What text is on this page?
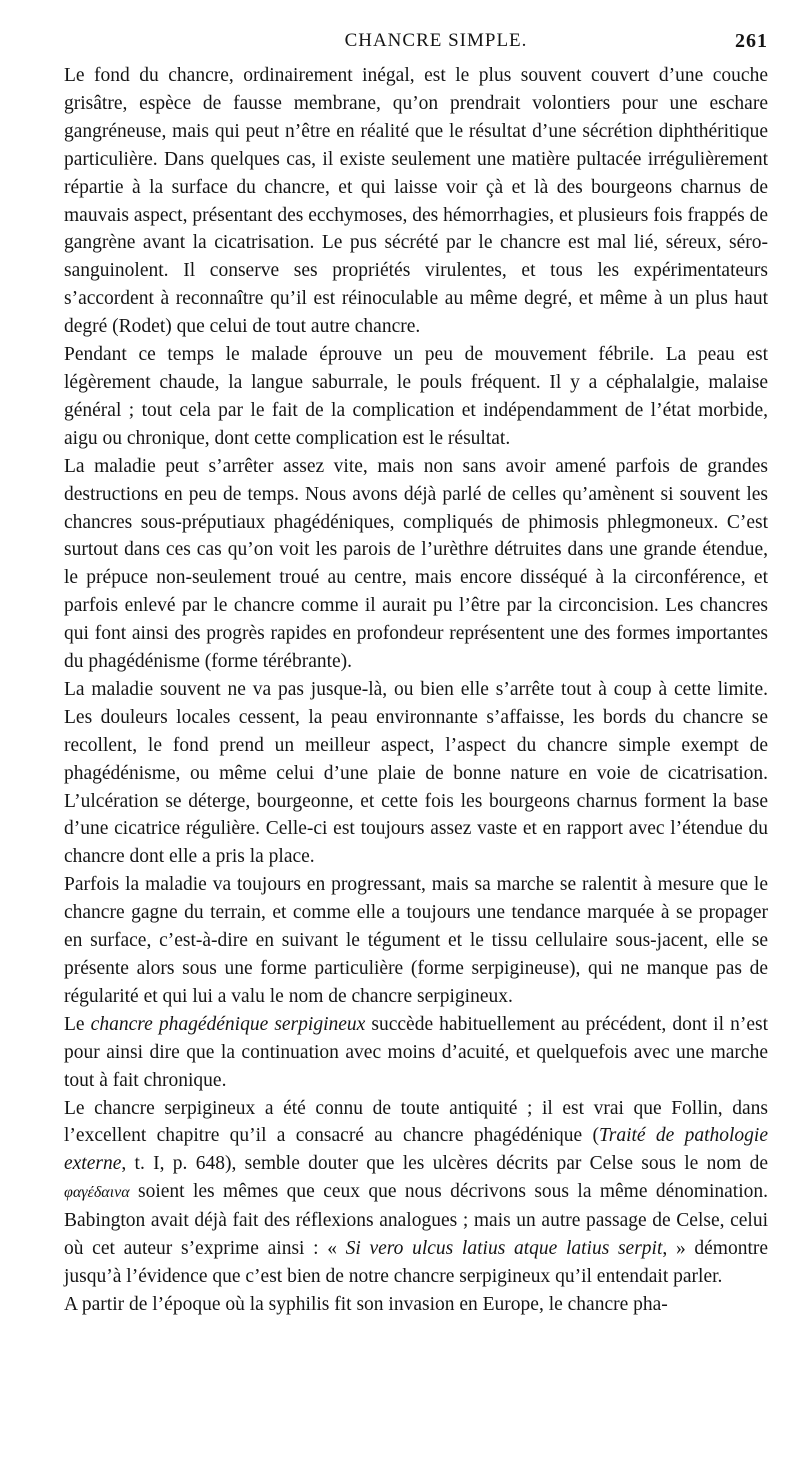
CHANCRE SIMPLE.	261

Le fond du chancre, ordinairement inégal, est le plus souvent couvert d’une couche grisâtre, espèce de fausse membrane, qu’on prendrait volontiers pour une eschare gangréneuse, mais qui peut n’être en réalité que le résultat d’une sécrétion diphthéritique particulière. Dans quelques cas, il existe seulement une matière pultacée irrégulièrement répartie à la surface du chancre, et qui laisse voir çà et là des bourgeons charnus de mauvais aspect, présentant des ecchymoses, des hémorrhagies, et plusieurs fois frappés de gangrène avant la cicatrisation. Le pus sécrété par le chancre est mal lié, séreux, séro-sanguinolent. Il conserve ses propriétés virulentes, et tous les expérimentateurs s’accordent à reconnaître qu’il est réinoculable au même degré, et même à un plus haut degré (Rodet) que celui de tout autre chancre.

Pendant ce temps le malade éprouve un peu de mouvement fébrile. La peau est légèrement chaude, la langue saburrale, le pouls fréquent. Il y a céphalalgie, malaise général ; tout cela par le fait de la complication et indépendamment de l’état morbide, aigu ou chronique, dont cette complication est le résultat.

La maladie peut s’arrêter assez vite, mais non sans avoir amené parfois de grandes destructions en peu de temps. Nous avons déjà parlé de celles qu’amènent si souvent les chancres sous-préputiaux phagédéniques, compliqués de phimosis phlegmoneux. C’est surtout dans ces cas qu’on voit les parois de l’urèthre détruites dans une grande étendue, le prépuce non-seulement troué au centre, mais encore disséqué à la circonférence, et parfois enlevé par le chancre comme il aurait pu l’être par la circoncision. Les chancres qui font ainsi des progrès rapides en profondeur représentent une des formes importantes du phagédénisme (forme térébrante).

La maladie souvent ne va pas jusque-là, ou bien elle s’arrête tout à coup à cette limite. Les douleurs locales cessent, la peau environnante s’affaisse, les bords du chancre se recollent, le fond prend un meilleur aspect, l’aspect du chancre simple exempt de phagédénisme, ou même celui d’une plaie de bonne nature en voie de cicatrisation. L’ulcération se déterge, bourgeonne, et cette fois les bourgeons charnus forment la base d’une cicatrice régulière. Celle-ci est toujours assez vaste et en rapport avec l’étendue du chancre dont elle a pris la place.

Parfois la maladie va toujours en progressant, mais sa marche se ralentit à mesure que le chancre gagne du terrain, et comme elle a toujours une tendance marquée à se propager en surface, c’est-à-dire en suivant le tégument et le tissu cellulaire sous-jacent, elle se présente alors sous une forme particulière (forme serpigineuse), qui ne manque pas de régularité et qui lui a valu le nom de chancre serpigineux.

Le chancre phagédénique serpigineux succède habituellement au précédent, dont il n’est pour ainsi dire que la continuation avec moins d’acuité, et quelquefois avec une marche tout à fait chronique.

Le chancre serpigineux a été connu de toute antiquité ; il est vrai que Follin, dans l’excellent chapitre qu’il a consacré au chancre phagédénique (Traité de pathologie externe, t. I, p. 648), semble douter que les ulcères décrits par Celse sous le nom de φαγέδαινα soient les mêmes que ceux que nous décrivons sous la même dénomination. Babington avait déjà fait des réflexions analogues ; mais un autre passage de Celse, celui où cet auteur s’exprime ainsi : « Si vero ulcus latius atque latius serpit, » démontre jusqu’à l’évidence que c’est bien de notre chancre serpigineux qu’il entendait parler.

A partir de l’époque où la syphilis fit son invasion en Europe, le chancre pha-
